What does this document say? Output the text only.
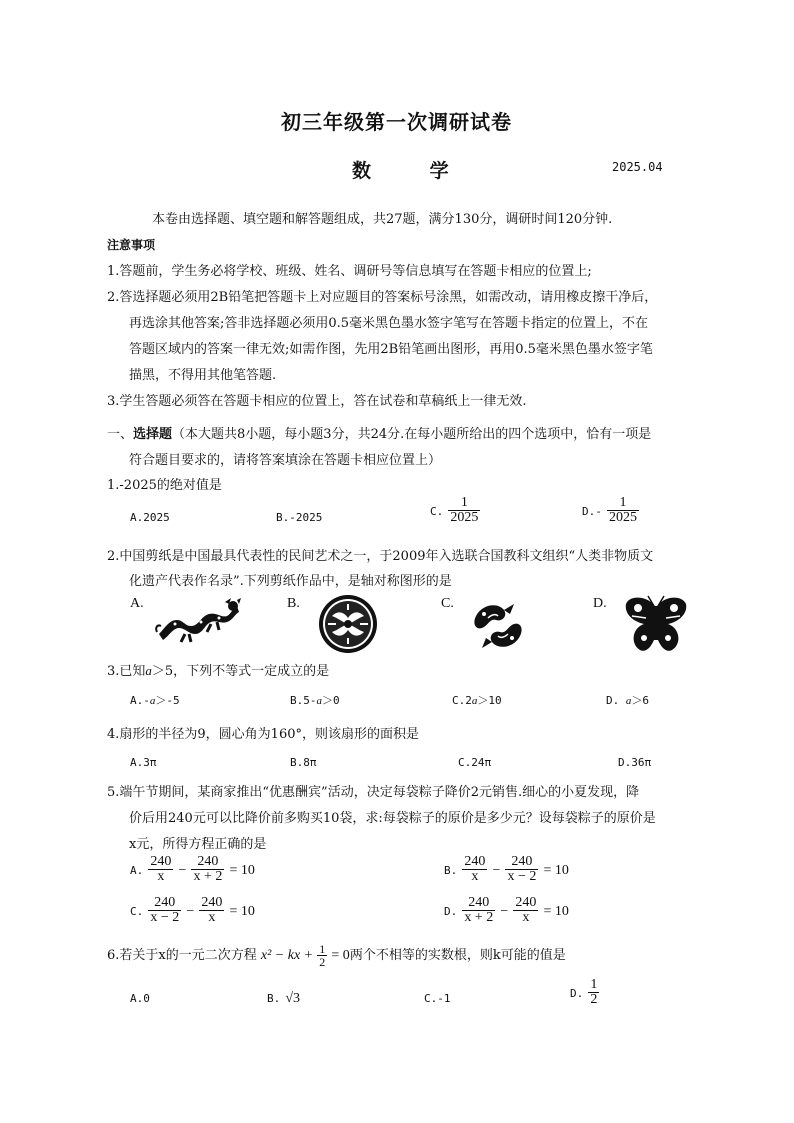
初三年级第一次调研试卷
数 学	2025.04
本卷由选择题、填空题和解答题组成，共27题，满分130分，调研时间120分钟.
注意事项
1.答题前，学生务必将学校、班级、姓名、调研号等信息填写在答题卡相应的位置上;
2.答选择题必须用2B铅笔把答题卡上对应题目的答案标号涂黑，如需改动，请用橡皮擦干净后，
再选涂其他答案;答非选择题必须用0.5毫米黑色墨水签字笔写在答题卡指定的位置上，不在
答题区域内的答案一律无效;如需作图，先用2B铅笔画出图形，再用0.5毫米黑色墨水签字笔
描黑，不得用其他笔答题.
3.学生答题必须答在答题卡相应的位置上，答在试卷和草稿纸上一律无效.
一、选择题（本大题共8小题，每小题3分，共24分.在每小题所给出的四个选项中，恰有一项是
符合题目要求的，请将答案填涂在答题卡相应位置上）
1.-2025的绝对值是
A.2025	B.-2025	C. $\frac{1}{2025}$	$D.- \frac{1}{2025}$
2.中国剪纸是中国最具代表性的民间艺术之一，于2009年入选联合国教科文组织“人类非物质文
化遗产代表作名录”.下列剪纸作品中，是轴对称图形的是
A.	B.	C.	D.
3.已知a＞5，下列不等式一定成立的是
A.-a＞-5	B.5-a＞0	C.2a＞10	D. a＞6
4.扇形的半径为9，圆心角为160°，则该扇形的面积是
A.3π	B.8π	C.24π	D.36π
5.端午节期间，某商家推出“优惠酬宾”活动，决定每袋粽子降价2元销售.细心的小夏发现，降
价后用240元可以比降价前多购买10袋，求:每袋粽子的原价是多少元？设每袋粽子的原价是
x元，所得方程正确的是
A. $\frac{240}{x} - \frac{240}{x + 2} = 10$	B. $\frac{240}{x} - \frac{240}{x - 2} = 10$
C. $\frac{240}{x - 2} - \frac{240}{x} = 10$	D. $\frac{240}{x + 2} - \frac{240}{x} = 10$
6.若关于x的一元二次方程 x² − kx + $\frac{1}{2} = 0$两个不相等的实数根，则k可能的值是
A.0	B. √3	C.-1	D. $\frac{1}{2}$
